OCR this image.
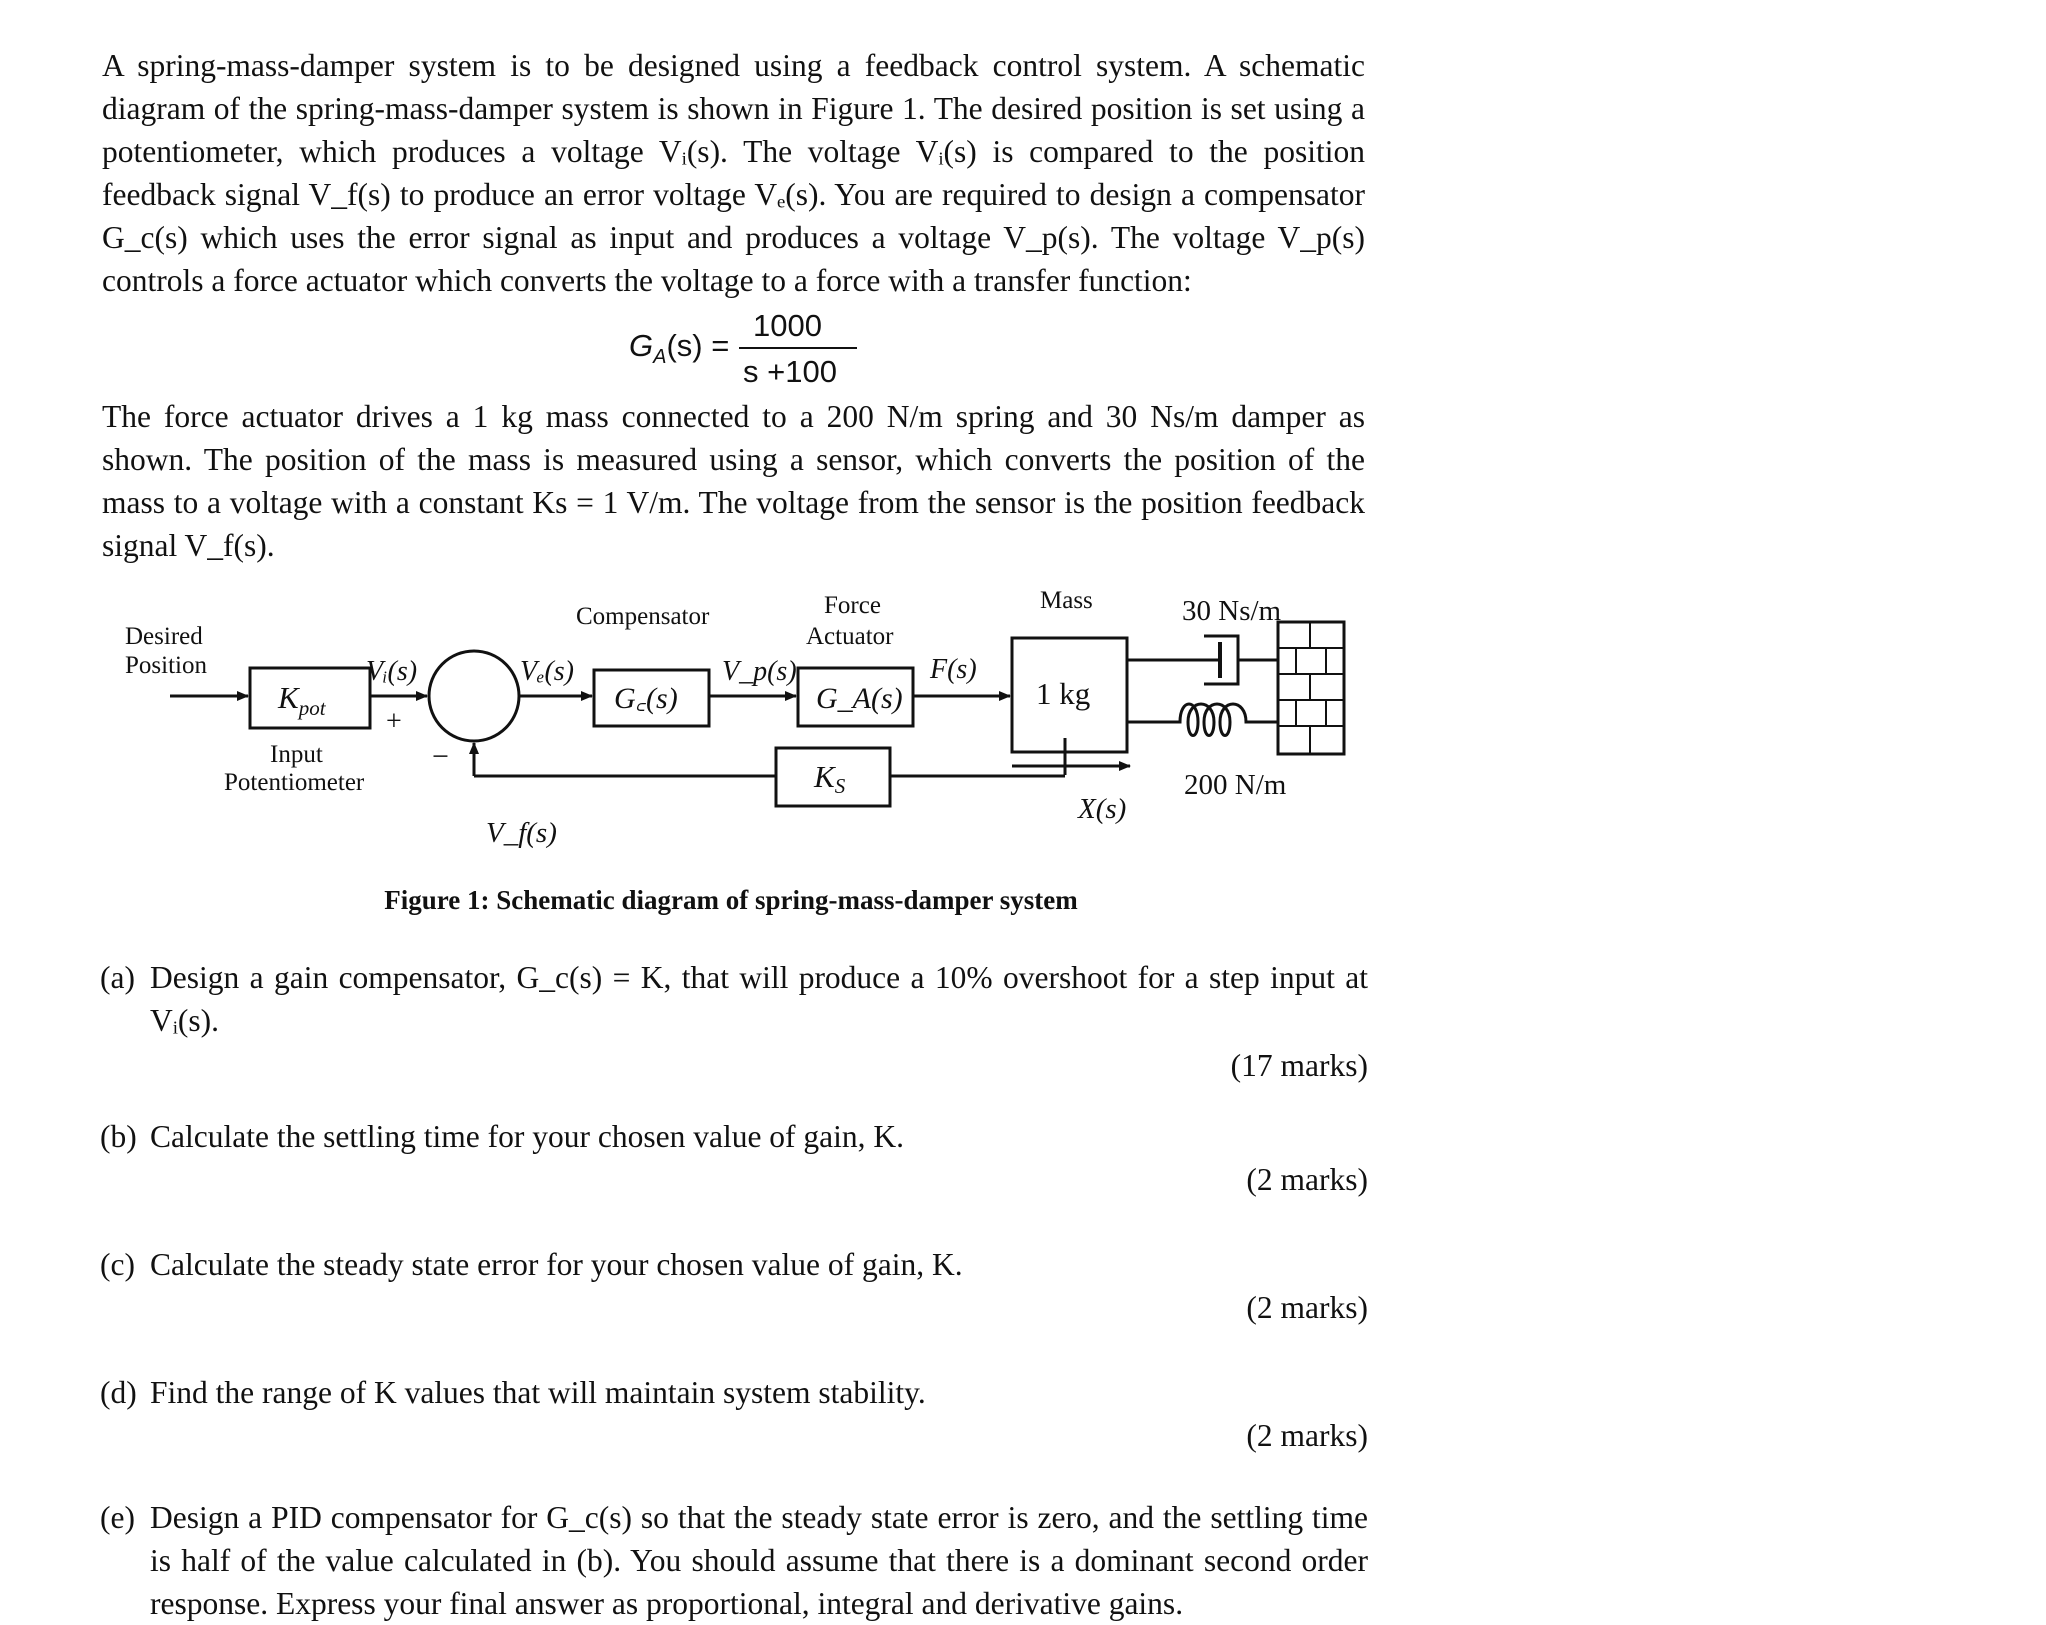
A spring-mass-damper system is to be designed using a feedback control system. A schematic diagram of the spring-mass-damper system is shown in Figure 1. The desired position is set using a potentiometer, which produces a voltage Vᵢ(s). The voltage Vᵢ(s) is compared to the position feedback signal V_f(s) to produce an error voltage Vₑ(s). You are required to design a compensator G_c(s) which uses the error signal as input and produces a voltage V_p(s). The voltage V_p(s) controls a force actuator which converts the voltage to a force with a transfer function:

$G_A(s)$ =
1000
s +100

The force actuator drives a 1 kg mass connected to a 200 N/m spring and 30 Ns/m damper as shown. The position of the mass is measured using a sensor, which converts the position of the mass to a voltage with a constant Ks = 1 V/m. The voltage from the sensor is the position feedback signal V_f(s).

Desired
Position
$K_{pot}$
Input
Potentiometer
Vᵢ(s)
+
−
Vₑ(s)
Compensator
G꜀(s)
V_p(s)
Force
Actuator
G_A(s)
F(s)
Mass
1 kg
30 Ns/m
200 N/m
X(s)
KS
V_f(s)
Figure 1: Schematic diagram of spring-mass-damper system
(a) Design a gain compensator, G_c(s) = K, that will produce a 10% overshoot for a step input at Vᵢ(s).
(17 marks)
(b) Calculate the settling time for your chosen value of gain, K.
(2 marks)
(c) Calculate the steady state error for your chosen value of gain, K.
(2 marks)
(d) Find the range of K values that will maintain system stability.
(2 marks)
(e) Design a PID compensator for G_c(s) so that the steady state error is zero, and the settling time is half of the value calculated in (b). You should assume that there is a dominant second order response. Express your final answer as proportional, integral and derivative gains.
